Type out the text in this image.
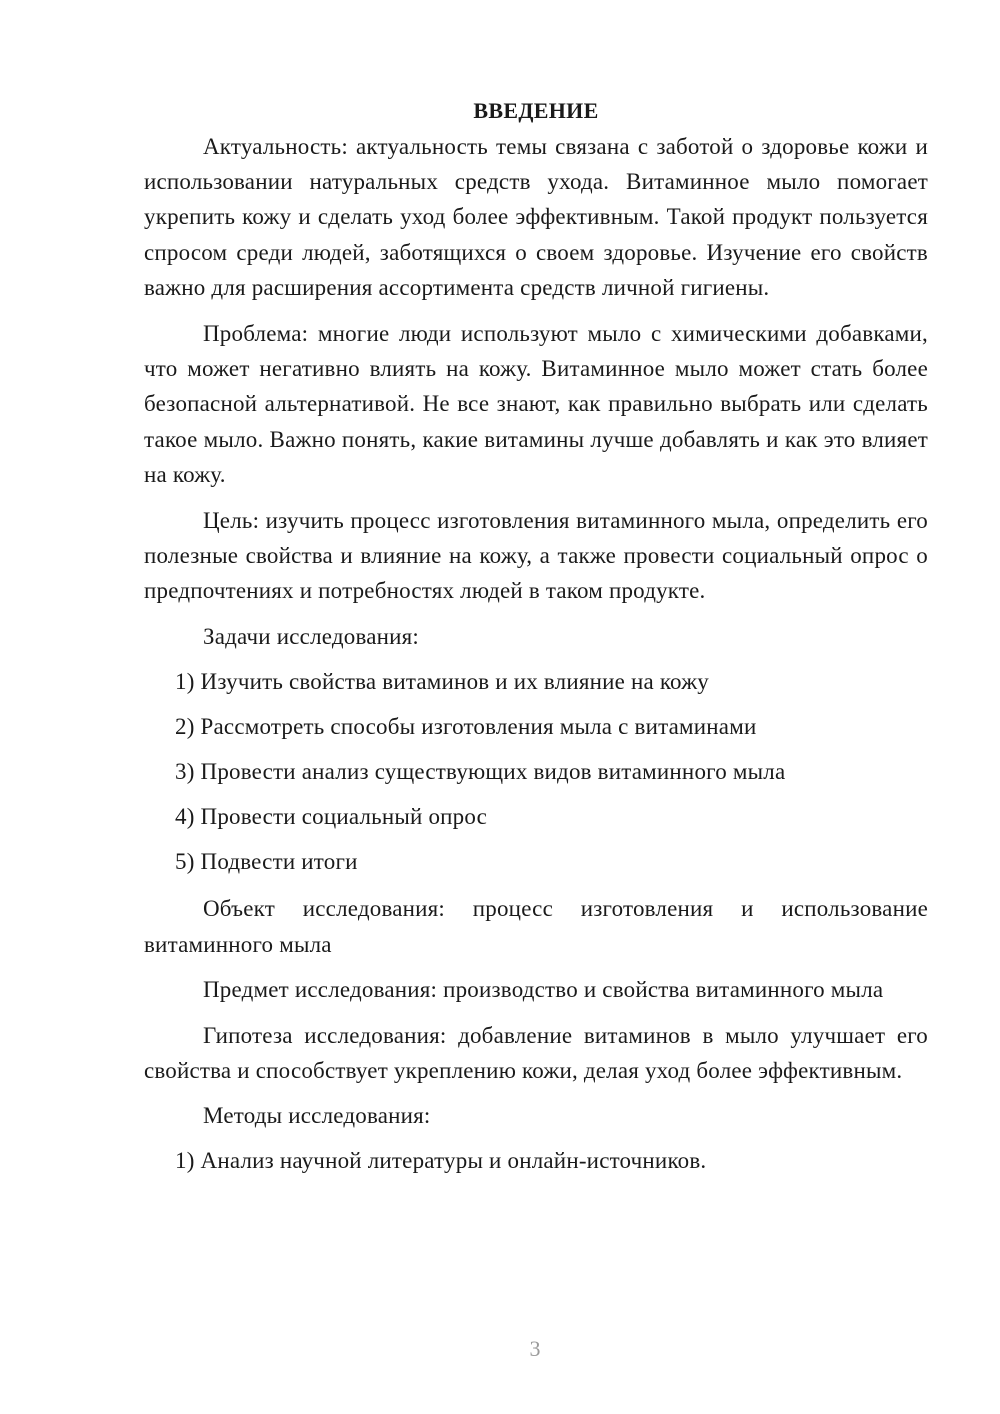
ВВЕДЕНИЕ

Актуальность: актуальность темы связана с заботой о здоровье кожи и использовании натуральных средств ухода. Витаминное мыло помогает укрепить кожу и сделать уход более эффективным. Такой продукт пользуется спросом среди людей, заботящихся о своем здоровье. Изучение его свойств важно для расширения ассортимента средств личной гигиены.

Проблема: многие люди используют мыло с химическими добавками, что может негативно влиять на кожу. Витаминное мыло может стать более безопасной альтернативой. Не все знают, как правильно выбрать или сделать такое мыло. Важно понять, какие витамины лучше добавлять и как это влияет на кожу.

Цель: изучить процесс изготовления витаминного мыла, определить его полезные свойства и влияние на кожу, а также провести социальный опрос о предпочтениях и потребностях людей в таком продукте.

Задачи исследования:

1) Изучить свойства витаминов и их влияние на кожу
2) Рассмотреть способы изготовления мыла с витаминами
3) Провести анализ существующих видов витаминного мыла
4) Провести социальный опрос
5) Подвести итоги

Объект исследования: процесс изготовления и использование витаминного мыла

Предмет исследования: производство и свойства витаминного мыла

Гипотеза исследования: добавление витаминов в мыло улучшает его свойства и способствует укреплению кожи, делая уход более эффективным.

Методы исследования:

1) Анализ научной литературы и онлайн-источников.
3
